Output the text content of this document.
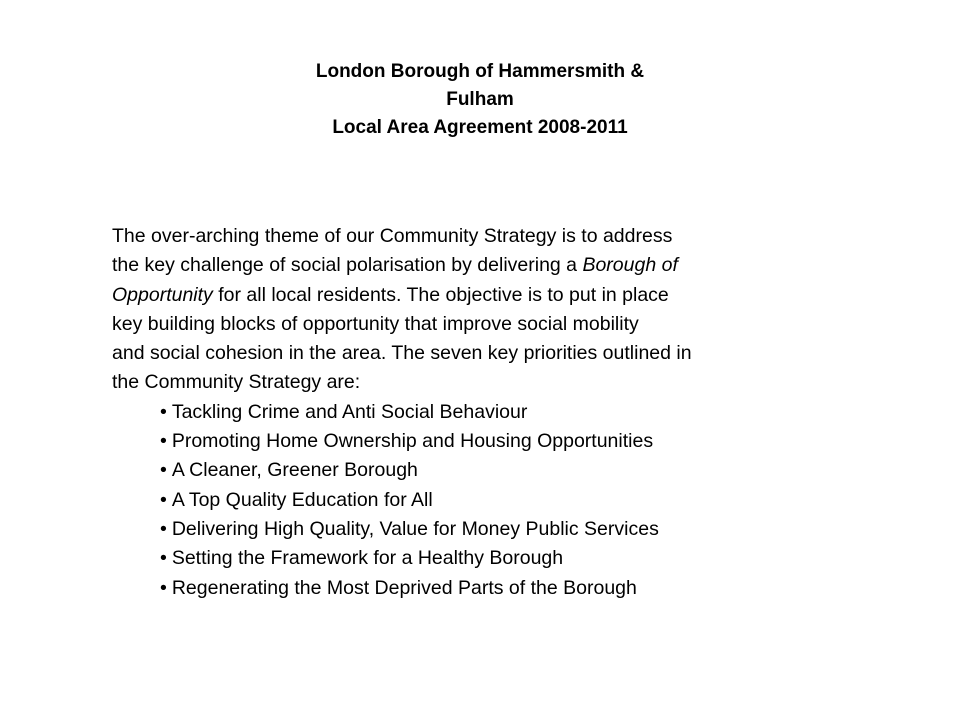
London Borough of Hammersmith &
Fulham
Local Area Agreement 2008-2011
The over-arching theme of our Community Strategy is to address
the key challenge of social polarisation by delivering a Borough of
Opportunity for all local residents. The objective is to put in place
key building blocks of opportunity that improve social mobility
and social cohesion in the area. The seven key priorities outlined in
the Community Strategy are:
• Tackling Crime and Anti Social Behaviour
• Promoting Home Ownership and Housing Opportunities
• A Cleaner, Greener Borough
• A Top Quality Education for All
• Delivering High Quality, Value for Money Public Services
• Setting the Framework for a Healthy Borough
• Regenerating the Most Deprived Parts of the Borough
